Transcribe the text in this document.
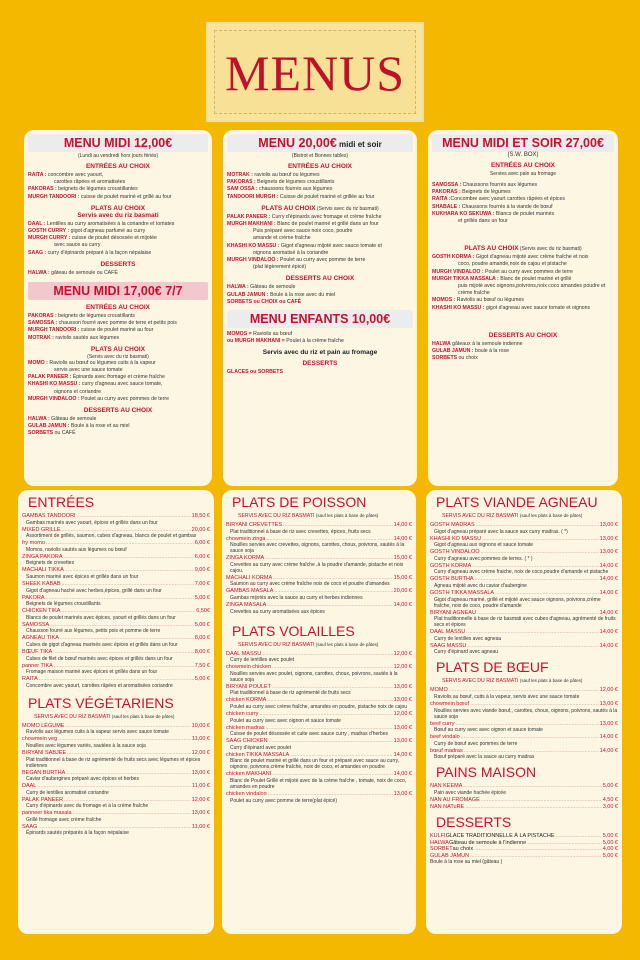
MENUS
MENU MIDI 12,00€
(Lundi au vendredi hors jours fériés)
ENTRÉES AU CHOIX
RAITA : concombre avec yaourt,
carottes râpées et aromatisées
PAKORAS : beignets de légumes croustillantes
MURGH TANDOORI : cuisse de poulet mariné et grillé au four
PLATS AU CHOIX
Servis avec du riz basmati
DAAL : Lentilles au curry aromatisées à la coriandre et tomates
GOSTH CURRY : gigot d'agneau parfumé au curry
MURGH CURRY : cuisse de poulet désossée et mijotée
avec sauce au curry
SAAG : curry d'épinards préparé à la façon népalaise
DESSERTS
HALWA : gâteau de semoule ou CAFÉ
MENU MIDI 17,00€ 7/7
ENTRÉES AU CHOIX
PAKORAS : beignets de légumes croustillants
SAMOSSA : chausson fourré avec pomme de terre et petits pois
MURGH TANDOORI : cuisse de poulet mariné au four
MOTRAK : raviolis sautés aux légumes
PLATS AU CHOIX
(Servis avec du riz basmati)
MOMO : Raviolis au bœuf ou légumes cuits à la vapeur
servis avec une sauce tomate
PALAK PANEER : Épinards avec fromage et crème fraîche
KHASHI KO MASSU : curry d'agneau avec sauce tomate,
oignons et coriandre
MURGH VINDALOO : Poulet au curry avec pommes de terre
DESSERTS AU CHOIX
HALWA : Gâteau de semoule
GULAB JAMUN : Boule à la rose et au miel
SORBETS ou CAFÉ
MENU 20,00€ midi et soir
(Bistrot et Bonnes tables)
ENTRÉES AU CHOIX
MOTRAK : raviolis au bœuf ou légumes
PAKORAS : Beignets de légumes croustillants
SAM OSSA : chaussons fourrés aux légumes
TANDOORI MURGH : Cuisse de poulet mariné et grillée au four
PLATS AU CHOIX (Servis avec du riz basmati)
PALAK PANEER : Curry d'épinards avec fromage et crème fraîche
MURGH MAKHANI : Blanc de poulet mariné et grillé dans un four
Puis préparé avec sauce noix coco, poudre
amande et crème fraîche
KHASHI KO MASSU : Gigot d'agneau mijoté avec sauce tomate et
oignons aromatisé à la coriandre
MURGH VINDALOO : Poulet au curry avec pomme de terre
(plat légèrement épicé)
DESSERTS AU CHOIX
HALWA : Gâteau de semoule
GULAB JAMUN : Boule à la rose avec du miel
SORBETS ou CHOIX ou CAFÉ
MENU ENFANTS 10,00€
MOMOS = Raviolis au bœuf
ou MURGH MAKHANI = Poulet à la crème fraîche
Servis avec du riz et pain au fromage
DESSERTS
GLACES ou SORBETS
MENU MIDI ET SOIR 27,00€
(S.W. BOX)
ENTRÉES AU CHOIX
Servies avec pain au fromage
SAMOSSA : Chaussons fourrés aux légumes
PAKORAS : Beignets de légumes
RAITA :Concombre avec yaourt carottes râpées et épices
SHABALE : Chaussons fourrés à la viande de bœuf
KUKHARA KO SEKUWA : Blancs de poulet marinés
et grillés dans un four
PLATS AU CHOIX (Servis avec du riz basmati)
GOSTH KORMA : Gigot d'agneau mijoté avec crème fraîche et noix
coco, poudre amande,noix de cajou et pistache
MURGH VINDALOO : Poulet au curry avec pommes de terre
MURGH TIKKA MASSALA : Blanc de poulet mariné et grillé
puis mijoté avec oignons,poivrons,noix coco amandes poudre et
crème fraîche
MOMOS : Raviolis au bœuf ou légumes
KHASHI KO MASSU : gigot d'agneau avec sauce tomate et oignons
DESSERTS AU CHOIX
HALWA gâteaux à la semoule indienne
GULAB JAMUN : boule à la rose
SORBETS ou choix
ENTRÉES
GAMBAS TANDOORI .....	18,50 €
Gambas marinés avec yaourt, épices et grillés dans un four
MIXED GRILLE .....	20,00 €
Assortiment de grillés, saumon, cubes d'agneau, blancs de poulet et gambas
fry momo .....	6,00 €
Momos, raviolis sautés aux légumes ou bœuf
ZINGA PAKORA .....	6,00 €
Beignets de crevettes
MACHALI TIKKA .....	9,00 €
Saumon mariné avec épices et grillés dans un four
SHEEK KABAB .....	7,00 €
Gigot d'agneau haché avec herbes,épices, grillé dans un four
PAKORA .....	5,00 €
Beignets de légumes croustillants
CHICKEN TIKA .....	6,50€
Blancs de poulet marinés avec épices, yaourt et grillés dans un four
SAMOSSA .....	5,00 €
Chausson fourré aux légumes, petits pois et pomme de terre
AGNEAU TIKA .....	8,00 €
Cubes de gigot d'agneau marinés avec épices et grillés dans un four
BŒUF TIKA .....	8,00 €
Cubes de filet de bœuf marinés avec épices et grillés dans un four
panner TIKA .....	7,50 €
Fromage maison mariné avec épices et grillés dans un four
RAITA .....	5,00 €
Concombre avec yaourt, carottes râpées et aromatisées coriandre
PLATS VÉGÉTARIENS
SERVIS AVEC DU RIZ BASMATI (sauf les plats à base de pâtes)
MOMO LÉGUME .....	10,00 €
Raviolis aux légumes cuits à la vapeur servis avec sauce tomate
chowmein veg .....	11,00 €
Nouilles avec légumes variés, sautées à la sauce soja
BIRYANI SABJEE .....	12,00 €
Plat traditionnel à base de riz agrémenté de fruits secs avec légumes et épices indiennes
BEGAN BURTHA .....	13,00 €
Caviar d'aubergines préparé avec épices et herbes
DAAL .....	11,00 €
Curry de lentilles aromatisé coriandre
PALAK PANEER .....	12,00 €
Curry d'épinards avec du fromage et à la crème fraîche
panneer tika masala .....	13,00 €
Grillé fromage avec crème fraîche
SAAG .....	11,00 €
Épinards sautés préparés à la façon népalaise
PLATS DE POISSON
SERVIS AVEC DU RIZ BASMATI (sauf les plats à base de pâtes)
BIRYANI CREVETTES .....	14,00 €
Plat traditionnel à base de riz avec crevettes, épices, fruits secs
chowmein zinga .....	14,00 €
Nouilles servies avec crevettes, oignons, carottes, choux, poivrons, sautés à la sauce soja
ZINGA KORMA .....	15,00 €
Crevettes au curry avec crème fraîche ,à la poudre d'amande, pistache et noix cajou.
MACHALI KORMA .....	15,00 €
Saumon au curry avec crème fraîche noix de coco et poudre d'amandes
GAMBAS MASALA .....	20,00 €
Gambas mijotés avec la sauce au curry et herbes indiennes
ZINGA MASALA .....	14,00 €
Crevettes au curry aromatisées aux épices
PLATS VOLAILLES
SERVIS AVEC DU RIZ BASMATI (sauf les plats à base de pâtes)
DAAL MASSU .....	12,00 €
Curry de lentilles avec poulet
chowmein chicken .....	12,00 €
Nouilles servies avec poulet, oignons, carottes, choux, poivrons, sautés à la sauce soja
BIRYANI POULET .....	13,00 €
Plat traditionnel à base de riz agrémenté de fruits secs
chicken KORMA .....	13,00 €
Poulet au curry avec crème fraîche, amandes en poudre, pistache noix de cajou
chicken curry .....	12,00 €
Poulet au curry avec avec oignon et sauce tomate
chicken madras .....	13,00 €
Cuisse de poulet désossée et cuite avec sauce curry , madras d'herbes
SAAG CHICKEN .....	13,00 €
Curry d'épinard avec poulet
chicken TIKKA MASSALA .....	14,00 €
Blanc de poulet mariné et grillé dans un four et préparé avec sauce au curry, oignons, poivrons,crème fraîche, noix de coco, et amandes en poudre
chicken MAKHANI .....	14,00 €
Blanc de Poulet Grillé et mijoté avec de la crème fraîche , tomate, noix de coco, amandes en poudre
chicken vindaloo .....	13,00 €
Poulet au curry avec pomme de terre(plat épicé)
PLATS VIANDE AGNEAU
SERVIS AVEC DU RIZ BASMATI (sauf les plats à base de pâtes)
GOSTH MADRAS .....	13,00 €
Gigot d'agneau préparé avec la sauce aux curry madras. ( *)
KHASHI KO MASSU .....	13,00 €
Gigot d'agneau aux oignons et sauce tomate
GOSTH VINDALOO .....	13,00 €
Curry d'agneau avec pommes de terres. ( * )
GOSTH KORMA .....	14,00 €
Curry d'agneau avec crème fraiche, noix de coco,poudre d'amande et pistache
GOSTH BURTHA .....	14,00 €
Agneau mijoté avec du caviar d'aubergine
GOSTH TIKKA MASSALA .....	14,00 €
Gigot d'agneau mariné, grillé et mijoté avec sauce oignons, poivrons,crème fraîche, noix de coco, poudre d'amande
BIRYANI AGNEAU .....	14,00 €
Plat traditionnelle à base de riz basmati avec cubes d'agneau, agrémenté de fruits secs et épices
DAAL MASSU .....	14,00 €
Curry de lentilles avec agneau
SAAG MASSU .....	14,00 €
Curry d'épinard avec agneau
PLATS DE BŒUF
SERVIS AVEC DU RIZ BASMATI (sauf les plats à base de pâtes)
MOMO .....	12,00 €
Raviolis au bœuf, cuits à la vapeur, servis avec une sauce tomate
chowmein bœuf .....	13,00 €
Nouilles servies avec viande bœuf,, carottes, choux, oignons, poivrons, sautés à la sauce soja
beef curry .....	13,00 €
Bœuf au curry avec avec oignon et sauce tomate
beef vindalo .....	14,00 €
Curry de bœuf avec pommes de terre
bœuf madras .....	14,00 €
Bœuf préparé avec la sauce au curry madras
PAINS MAISON
NAN KEEMA .....	5,00 €
Pain avec viande hachée épicée
NAN AU FROMAGE .....	4,50 €
NAN NATuRE .....	3,00 €
DESSERTS
KULFI GLACE TRADITIONNELLE À LA PISTACHE .....	5,00 €
HALWA Gâteau de semoule à l'indienne .....	5,00 €
SORBET au choix .....	4,00 €
GULAB JAMUN .....	5,00 €
Boule à la rose au miel (gâteau )
